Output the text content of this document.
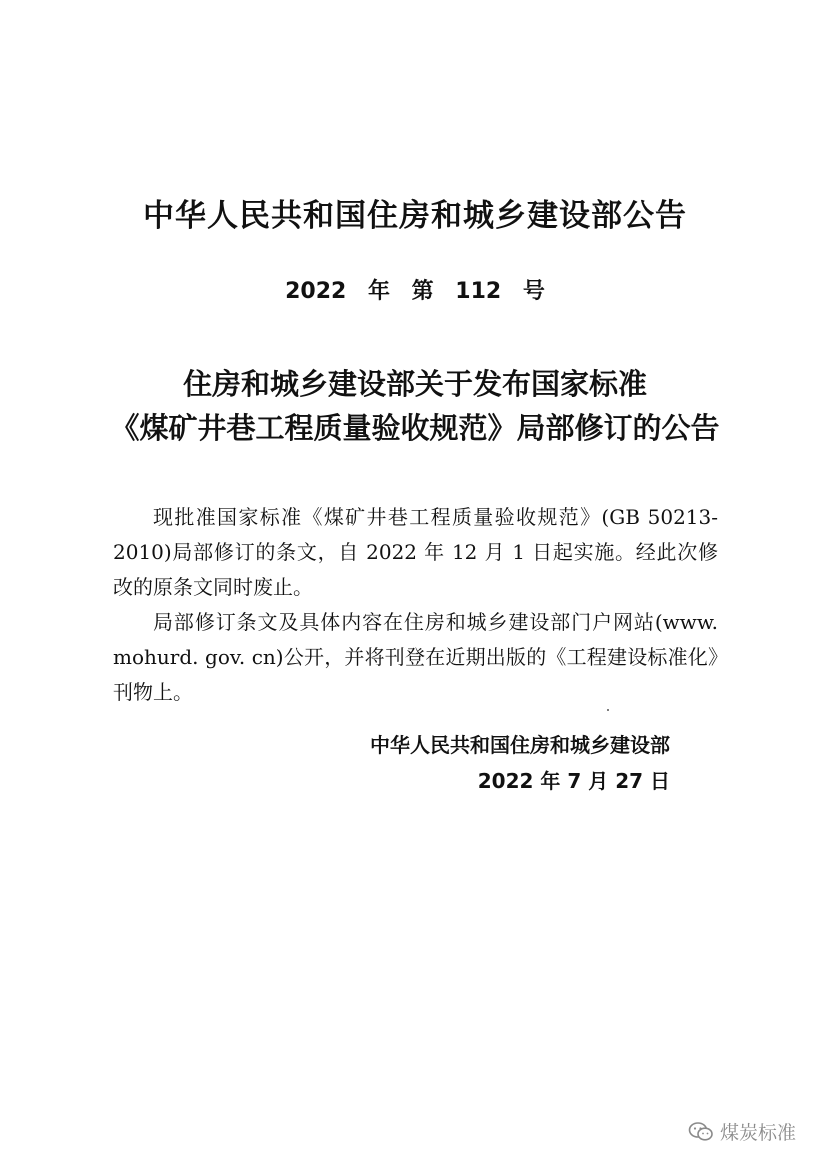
中华人民共和国住房和城乡建设部公告
2022 年 第 112 号
住房和城乡建设部关于发布国家标准
《煤矿井巷工程质量验收规范》局部修订的公告

现批准国家标准《煤矿井巷工程质量验收规范》(GB 50213-2010)局部修订的条文，自 2022 年 12 月 1 日起实施。经此次修改的原条文同时废止。

局部修订条文及具体内容在住房和城乡建设部门户网站(www. mohurd. gov. cn)公开，并将刊登在近期出版的《工程建设标准化》刊物上。

中华人民共和国住房和城乡建设部
2022 年 7 月 27 日
煤炭标准
